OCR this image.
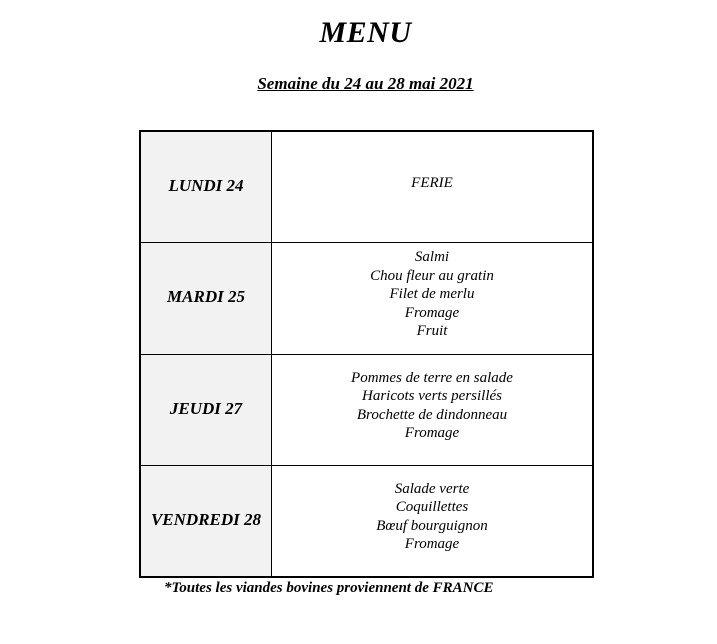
MENU
Semaine du 24 au 28 mai 2021
LUNDI 24	FERIE
MARDI 25
Salmi
Chou fleur au gratin
Filet de merlu
Fromage
Fruit
JEUDI 27
Pommes de terre en salade
Haricots verts persillés
Brochette de dindonneau
Fromage
VENDREDI 28
Salade verte
Coquillettes
Bœuf bourguignon
Fromage
*Toutes les viandes bovines proviennent de FRANCE
